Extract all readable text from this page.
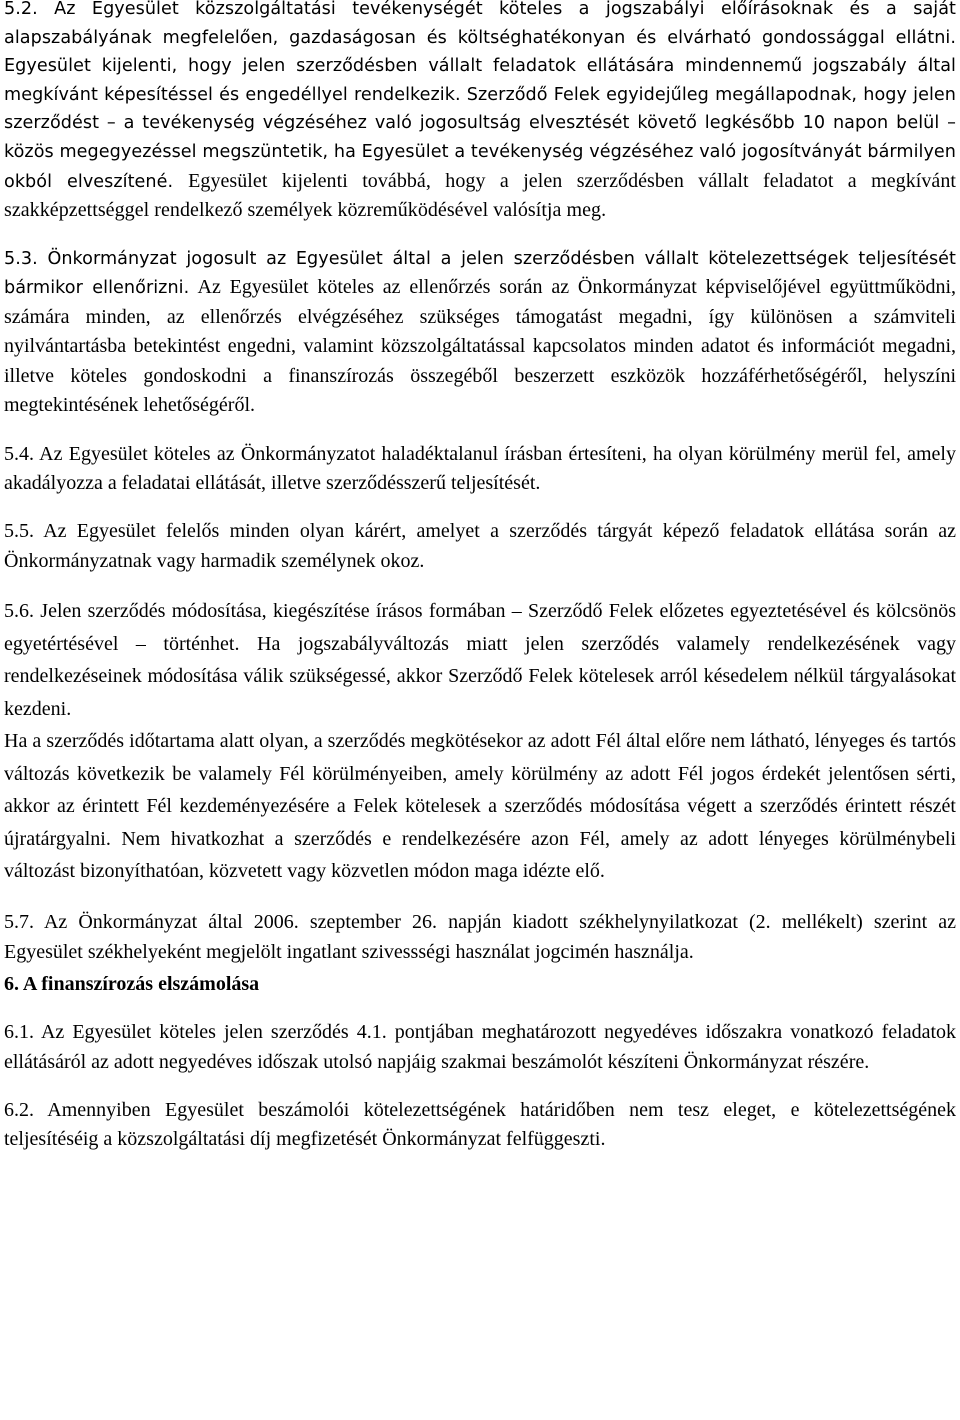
5.2. Az Egyesület közszolgáltatási tevékenységét köteles a jogszabályi előírásoknak és a saját alapszabályának megfelelően, gazdaságosan és költséghatékonyan és elvárható gondossággal ellátni. Egyesület kijelenti, hogy jelen szerződésben vállalt feladatok ellátására mindennemű jogszabály által megkívánt képesítéssel és engedéllyel rendelkezik. Szerződő Felek egyidejűleg megállapodnak, hogy jelen szerződést – a tevékenység végzéséhez való jogosultság elvesztését követő legkésőbb 10 napon belül – közös megegyezéssel megszüntetik, ha Egyesület a tevékenység végzéséhez való jogosítványát bármilyen okból elveszítené. Egyesület kijelenti továbbá, hogy a jelen szerződésben vállalt feladatot a megkívánt szakképzettséggel rendelkező személyek közreműködésével valósítja meg.

5.3. Önkormányzat jogosult az Egyesület által a jelen szerződésben vállalt kötelezettségek teljesítését bármikor ellenőrizni. Az Egyesület köteles az ellenőrzés során az Önkormányzat képviselőjével együttműködni, számára minden, az ellenőrzés elvégzéséhez szükséges támogatást megadni, így különösen a számviteli nyilvántartásba betekintést engedni, valamint közszolgáltatással kapcsolatos minden adatot és információt megadni, illetve köteles gondoskodni a finanszírozás összegéből beszerzett eszközök hozzáférhetőségéről, helyszíni megtekintésének lehetőségéről.

5.4. Az Egyesület köteles az Önkormányzatot haladéktalanul írásban értesíteni, ha olyan körülmény merül fel, amely akadályozza a feladatai ellátását, illetve szerződésszerű teljesítését.

5.5. Az Egyesület felelős minden olyan kárért, amelyet a szerződés tárgyát képező feladatok ellátása során az Önkormányzatnak vagy harmadik személynek okoz.

5.6. Jelen szerződés módosítása, kiegészítése írásos formában – Szerződő Felek előzetes egyeztetésével és kölcsönös egyetértésével – történhet. Ha jogszabályváltozás miatt jelen szerződés valamely rendelkezésének vagy rendelkezéseinek módosítása válik szükségessé, akkor Szerződő Felek kötelesek arról késedelem nélkül tárgyalásokat kezdeni.

Ha a szerződés időtartama alatt olyan, a szerződés megkötésekor az adott Fél által előre nem látható, lényeges és tartós változás következik be valamely Fél körülményeiben, amely körülmény az adott Fél jogos érdekét jelentősen sérti, akkor az érintett Fél kezdeményezésére a Felek kötelesek a szerződés módosítása végett a szerződés érintett részét újratárgyalni. Nem hivatkozhat a szerződés e rendelkezésére azon Fél, amely az adott lényeges körülménybeli változást bizonyíthatóan, közvetett vagy közvetlen módon maga idézte elő.

5.7. Az Önkormányzat által 2006. szeptember 26. napján kiadott székhelynyilatkozat (2. mellékelt) szerint az Egyesület székhelyeként megjelölt ingatlant szivessségi használat jogcimén használja.

6. A finanszírozás elszámolása

6.1. Az Egyesület köteles jelen szerződés 4.1. pontjában meghatározott negyedéves időszakra vonatkozó feladatok ellátásáról az adott negyedéves időszak utolsó napjáig szakmai beszámolót készíteni Önkormányzat részére.

6.2. Amennyiben Egyesület beszámolói kötelezettségének határidőben nem tesz eleget, e kötelezettségének teljesítéséig a közszolgáltatási díj megfizetését Önkormányzat felfüggeszti.
